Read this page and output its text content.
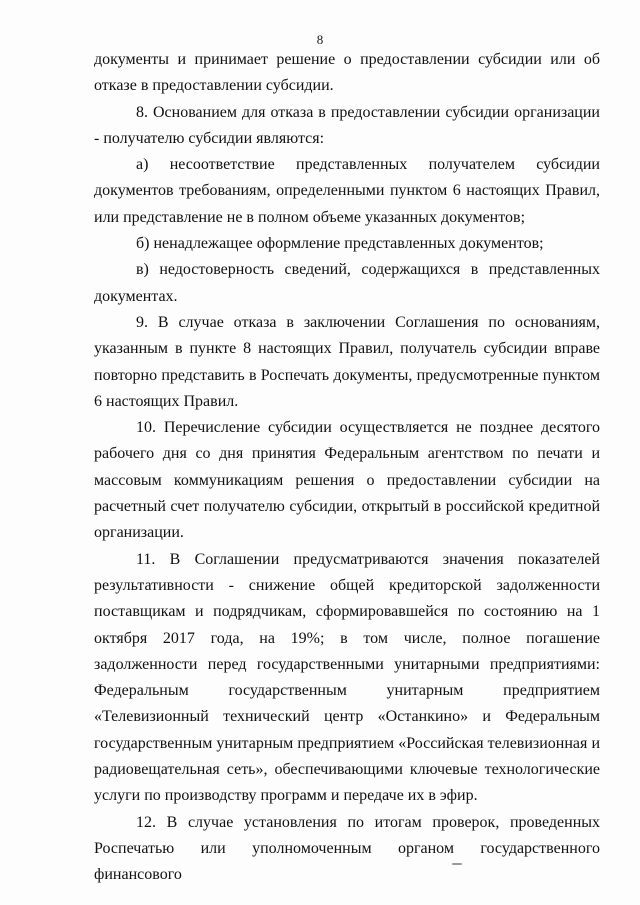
8

документы и принимает решение о предоставлении субсидии или об отказе в предоставлении субсидии.

8. Основанием для отказа в предоставлении субсидии организации - получателю субсидии являются:

а) несоответствие представленных получателем субсидии документов требованиям, определенными пунктом 6 настоящих Правил, или представление не в полном объеме указанных документов;

б) ненадлежащее оформление представленных документов;

в) недостоверность сведений, содержащихся в представленных документах.

9. В случае отказа в заключении Соглашения по основаниям, указанным в пункте 8 настоящих Правил, получатель субсидии вправе повторно представить в Роспечать документы, предусмотренные пунктом 6 настоящих Правил.

10. Перечисление субсидии осуществляется не позднее десятого рабочего дня со дня принятия Федеральным агентством по печати и массовым коммуникациям решения о предоставлении субсидии на расчетный счет получателю субсидии, открытый в российской кредитной организации.

11. В Соглашении предусматриваются значения показателей результативности - снижение общей кредиторской задолженности поставщикам и подрядчикам, сформировавшейся по состоянию на 1 октября 2017 года, на 19%; в том числе, полное погашение задолженности перед государственными унитарными предприятиями: Федеральным государственным унитарным предприятием «Телевизионный технический центр «Останкино» и Федеральным государственным унитарным предприятием «Российская телевизионная и радиовещательная сеть», обеспечивающими ключевые технологические услуги по производству программ и передаче их в эфир.

12. В случае установления по итогам проверок, проведенных Роспечатью или уполномоченным органом государственного финансового
